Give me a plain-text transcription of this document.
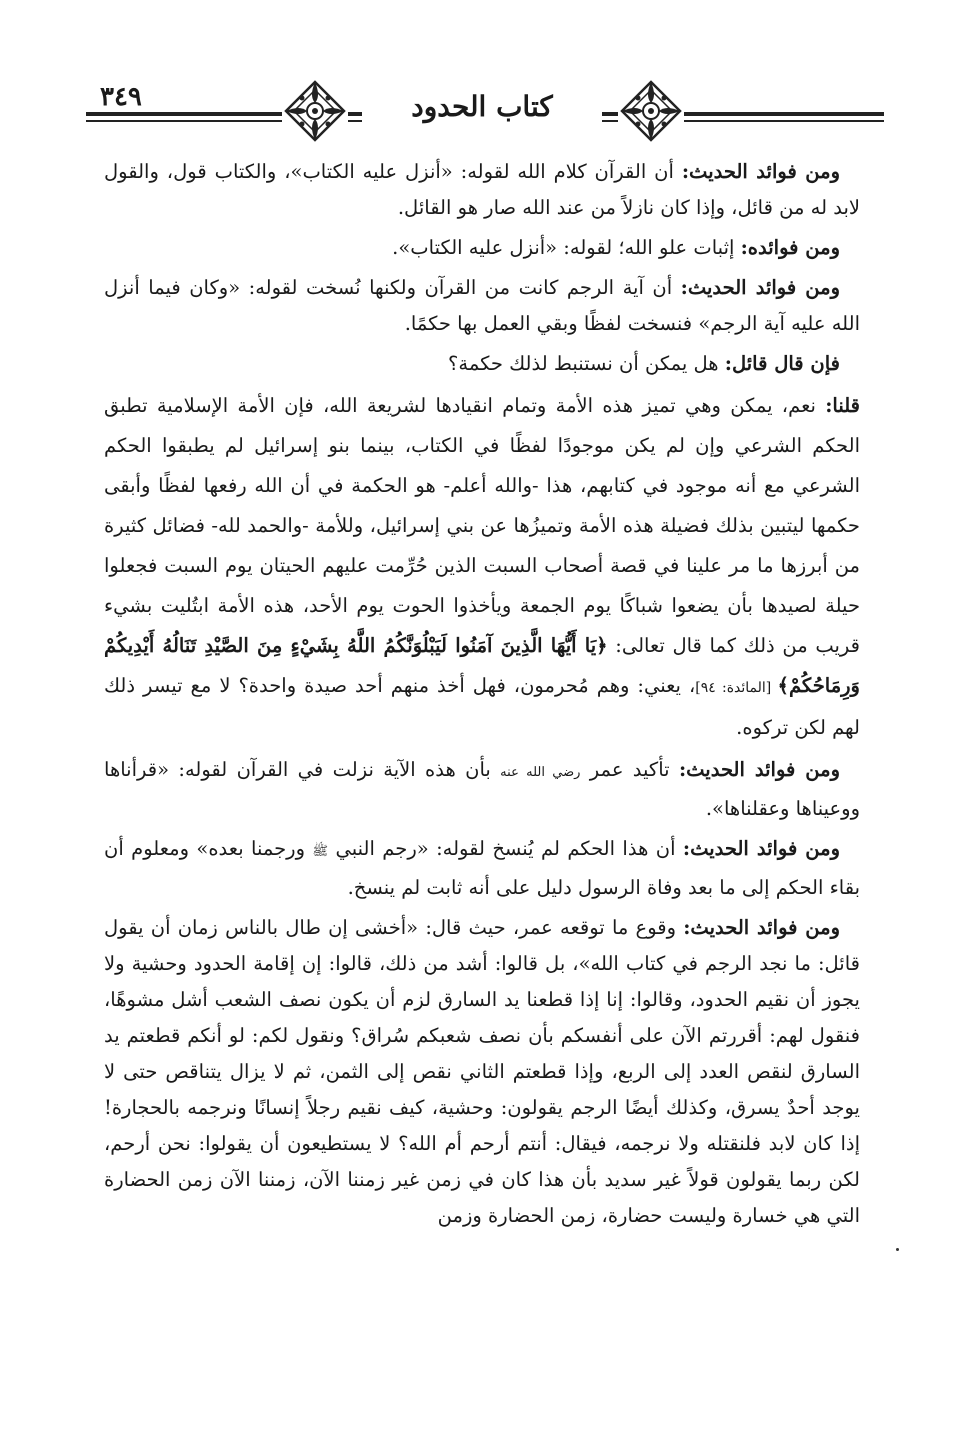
٣٤٩	كتاب الحدود

ومن فوائد الحديث: أن القرآن كلام الله لقوله: «أنزل عليه الكتاب»، والكتاب قول، والقول لابد له من قائل، وإذا كان نازلاً من عند الله صار هو القائل.

ومن فوائده: إثبات علو الله؛ لقوله: «أنزل عليه الكتاب».

ومن فوائد الحديث: أن آية الرجم كانت من القرآن ولكنها نُسخت لقوله: «وكان فيما أنزل الله عليه آية الرجم» فنسخت لفظًا وبقي العمل بها حكمًا.

فإن قال قائل: هل يمكن أن نستنبط لذلك حكمة؟

قلنا: نعم، يمكن وهي تميز هذه الأمة وتمام انقيادها لشريعة الله، فإن الأمة الإسلامية تطبق الحكم الشرعي وإن لم يكن موجودًا لفظًا في الكتاب، بينما بنو إسرائيل لم يطبقوا الحكم الشرعي مع أنه موجود في كتابهم، هذا -والله أعلم- هو الحكمة في أن الله رفعها لفظًا وأبقى حكمها ليتبين بذلك فضيلة هذه الأمة وتميزُها عن بني إسرائيل، وللأمة -والحمد لله- فضائل كثيرة من أبرزها ما مر علينا في قصة أصحاب السبت الذين حُرِّمت عليهم الحيتان يوم السبت فجعلوا حيلة لصيدها بأن يضعوا شباكًا يوم الجمعة ويأخذوا الحوت يوم الأحد، هذه الأمة ابتُليت بشيء قريب من ذلك كما قال تعالى: ﴿يَا أَيُّهَا الَّذِينَ آمَنُوا لَيَبْلُوَنَّكُمُ اللَّهُ بِشَيْءٍ مِنَ الصَّيْدِ تَنَالُهُ أَيْدِيكُمْ وَرِمَاحُكُمْ﴾ [المائدة: ٩٤]، يعني: وهم مُحرمون، فهل أخذ منهم أحد صيدة واحدة؟ لا مع تيسر ذلك لهم لكن تركوه.

ومن فوائد الحديث: تأكيد عمر رضي الله عنه بأن هذه الآية نزلت في القرآن لقوله: «قرأناها ووعيناها وعقلناها».

ومن فوائد الحديث: أن هذا الحكم لم يُنسخ لقوله: «رجم النبي ﷺ ورجمنا بعده» ومعلوم أن بقاء الحكم إلى ما بعد وفاة الرسول دليل على أنه ثابت لم ينسخ.

ومن فوائد الحديث: وقوع ما توقعه عمر، حيث قال: «أخشى إن طال بالناس زمان أن يقول قائل: ما نجد الرجم في كتاب الله»، بل قالوا: أشد من ذلك، قالوا: إن إقامة الحدود وحشية ولا يجوز أن نقيم الحدود، وقالوا: إنا إذا قطعنا يد السارق لزم أن يكون نصف الشعب أشل مشوهًا، فنقول لهم: أقررتم الآن على أنفسكم بأن نصف شعبكم سُراق؟ ونقول لكم: لو أنكم قطعتم يد السارق لنقص العدد إلى الربع، وإذا قطعتم الثاني نقص إلى الثمن، ثم لا يزال يتناقص حتى لا يوجد أحدٌ يسرق، وكذلك أيضًا الرجم يقولون: وحشية، كيف نقيم رجلاً إنسانًا ونرجمه بالحجارة! إذا كان لابد فلنقتله ولا نرجمه، فيقال: أنتم أرحم أم الله؟ لا يستطيعون أن يقولوا: نحن أرحم، لكن ربما يقولون قولاً غير سديد بأن هذا كان في زمن غير زمننا الآن، زمننا الآن زمن الحضارة التي هي خسارة وليست حضارة، زمن الحضارة وزمن
